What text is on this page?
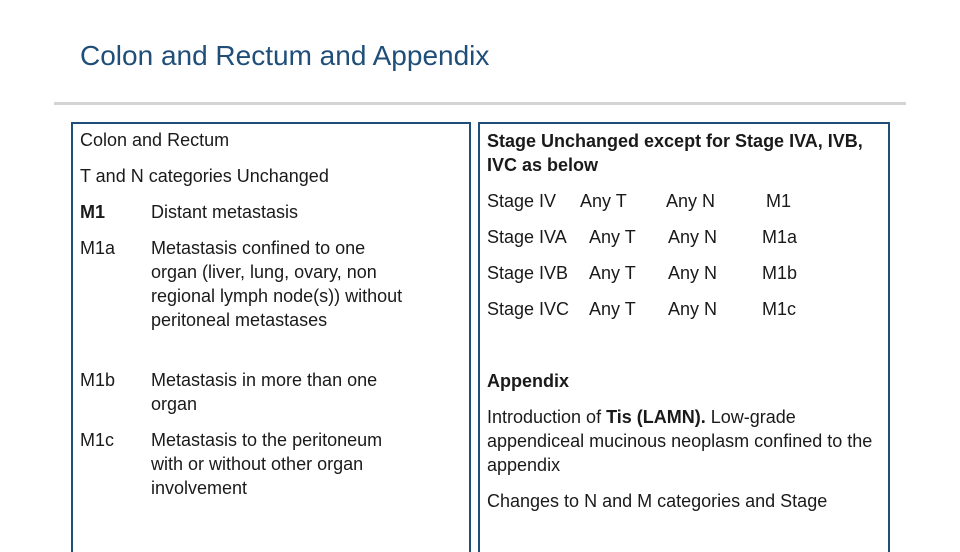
Colon and Rectum and Appendix
Colon and Rectum
T and N categories Unchanged
M1	Distant metastasis
M1a Metastasis confined to one organ (liver, lung, ovary, non regional lymph node(s)) without peritoneal metastases
M1b Metastasis in more than one organ
M1c Metastasis to the peritoneum with or without other organ involvement
Stage Unchanged except for Stage IVA, IVB, IVC as below
Stage IV Any T Any N	M1
Stage IVA Any T Any N M1a
Stage IVB Any T Any N M1b
Stage IVC Any T Any N M1c
Appendix
Introduction of Tis (LAMN). Low-grade appendiceal mucinous neoplasm confined to the appendix
Changes to N and M categories and Stage
